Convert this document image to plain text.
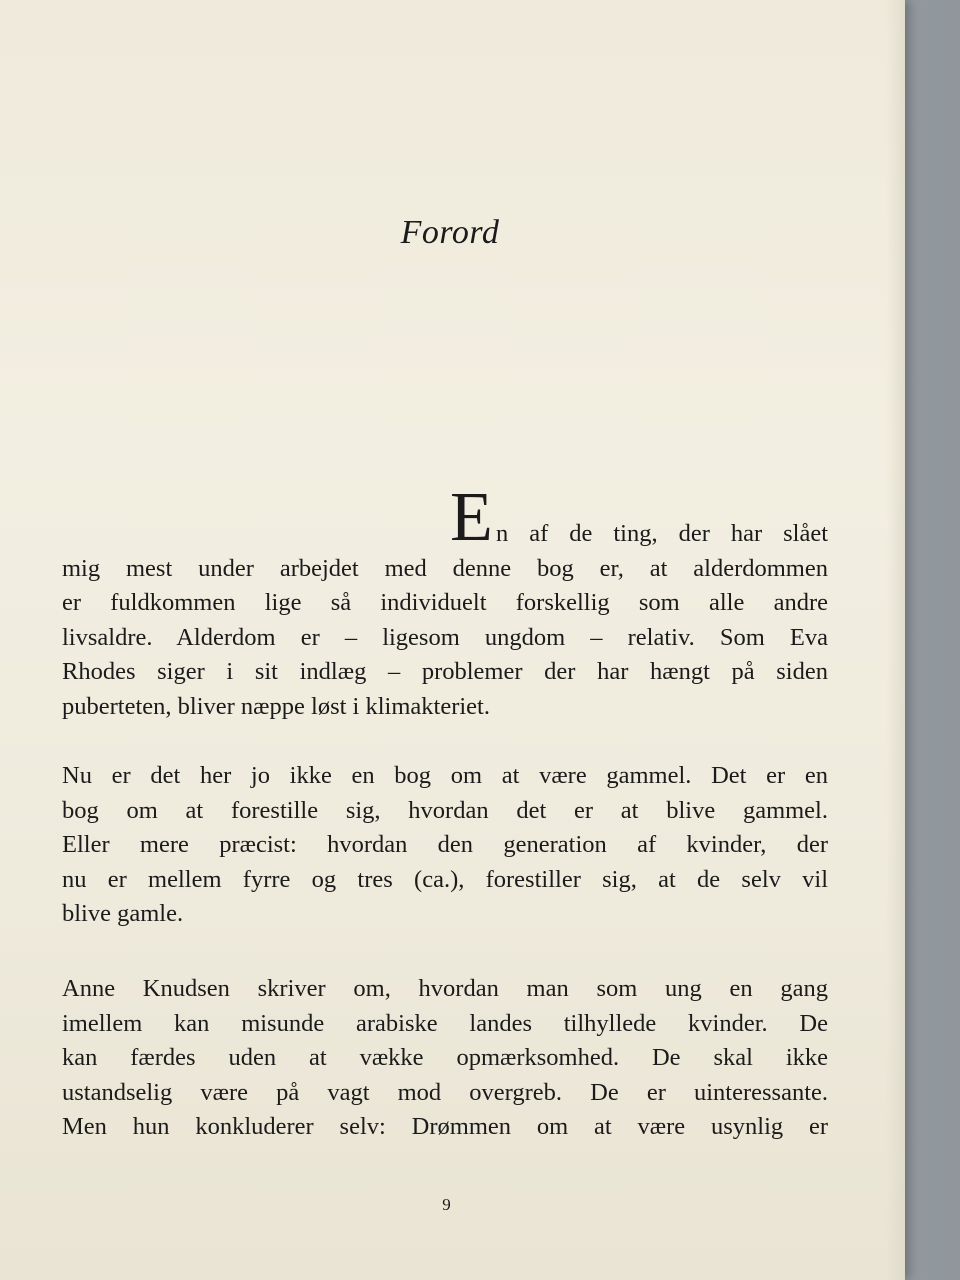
Forord
E n af de ting, der har slået
mig mest under arbejdet med denne bog er, at alderdommen
er fuldkommen lige så individuelt forskellig som alle andre
livsaldre. Alderdom er – ligesom ungdom – relativ. Som Eva
Rhodes siger i sit indlæg – problemer der har hængt på siden
puberteten, bliver næppe løst i klimakteriet.
Nu er det her jo ikke en bog om at være gammel. Det er en
bog om at forestille sig, hvordan det er at blive gammel.
Eller mere præcist: hvordan den generation af kvinder, der
nu er mellem fyrre og tres (ca.), forestiller sig, at de selv vil
blive gamle.
Anne Knudsen skriver om, hvordan man som ung en gang
imellem kan misunde arabiske landes tilhyllede kvinder. De
kan færdes uden at vække opmærksomhed. De skal ikke
ustandselig være på vagt mod overgreb. De er uinteressante.
Men hun konkluderer selv: Drømmen om at være usynlig er
9
